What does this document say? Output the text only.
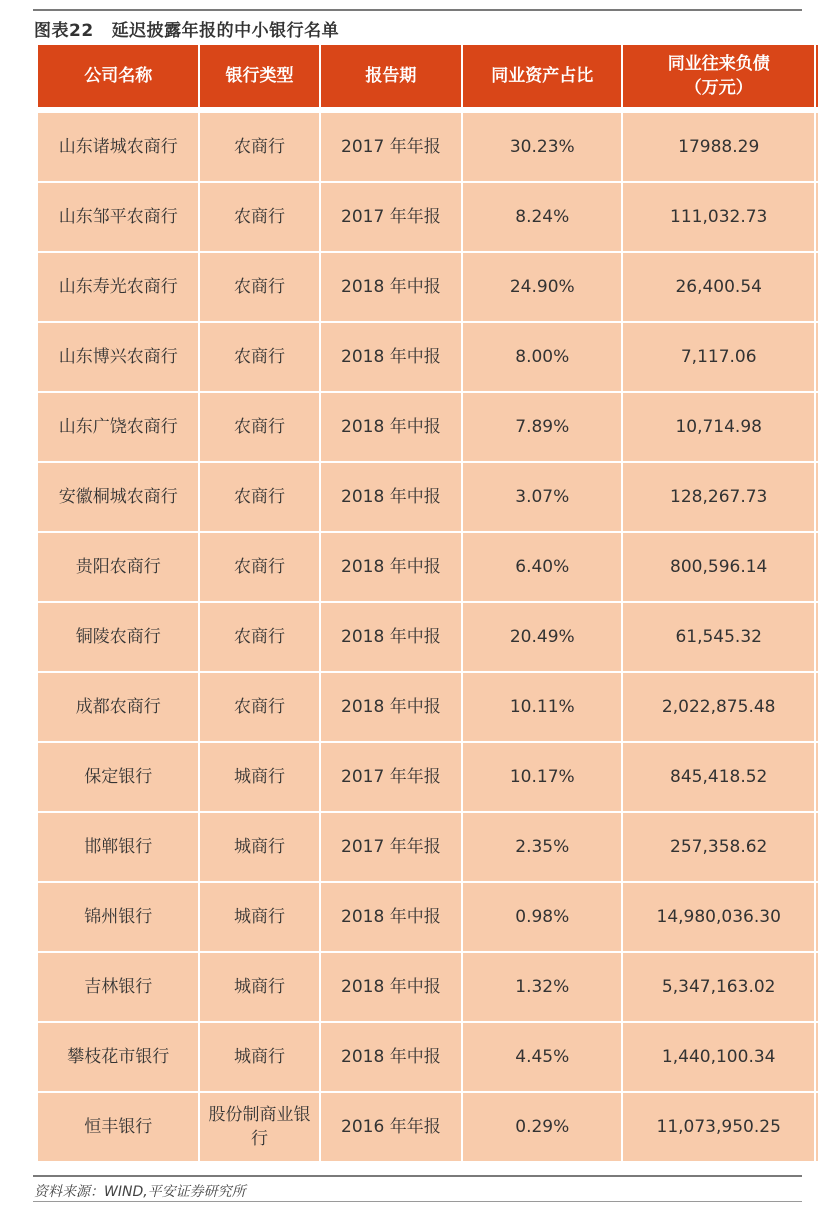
图表22 延迟披露年报的中小银行名单
公司名称	银行类型	报告期	同业资产占比	同业往来负债
（万元）	

山东诸城农商行	农商行	2017 年年报	30.23%	17988.29	
山东邹平农商行	农商行	2017 年年报	8.24%	111,032.73	
山东寿光农商行	农商行	2018 年中报	24.90%	26,400.54	
山东博兴农商行	农商行	2018 年中报	8.00%	7,117.06	
山东广饶农商行	农商行	2018 年中报	7.89%	10,714.98	
安徽桐城农商行	农商行	2018 年中报	3.07%	128,267.73	
贵阳农商行	农商行	2018 年中报	6.40%	800,596.14	
铜陵农商行	农商行	2018 年中报	20.49%	61,545.32	
成都农商行	农商行	2018 年中报	10.11%	2,022,875.48	
保定银行	城商行	2017 年年报	10.17%	845,418.52	
邯郸银行	城商行	2017 年年报	2.35%	257,358.62	
锦州银行	城商行	2018 年中报	0.98%	14,980,036.30	
吉林银行	城商行	2018 年中报	1.32%	5,347,163.02	
攀枝花市银行	城商行	2018 年中报	4.45%	1,440,100.34	
恒丰银行	股份制商业银行	2016 年年报	0.29%	11,073,950.25	
资料来源：WIND,平安证券研究所
